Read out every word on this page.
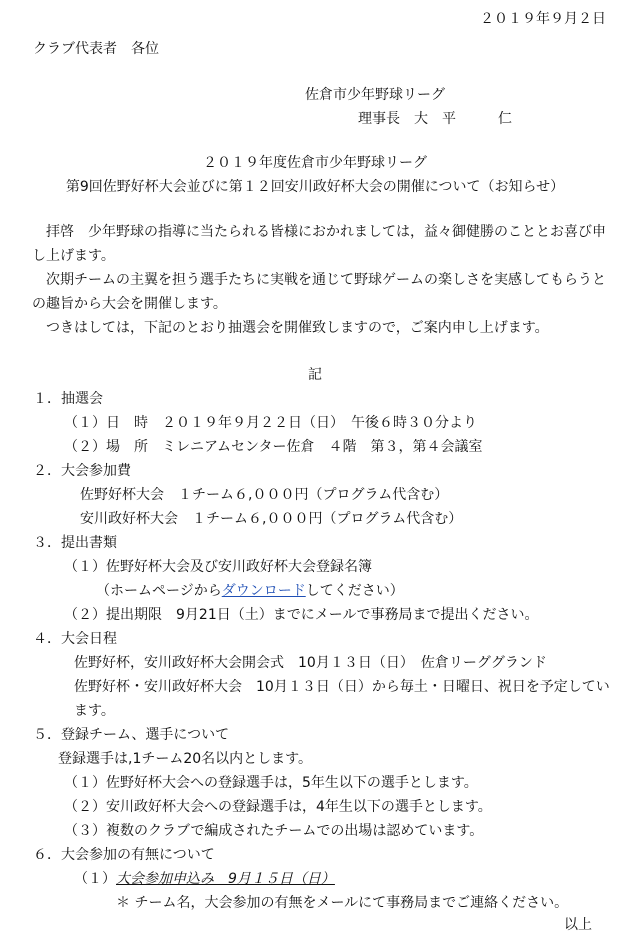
２０１９年９月２日
クラブ代表者　各位
佐倉市少年野球リーグ
理事長　大　平　　　仁
２０１９年度佐倉市少年野球リーグ
第9回佐野好杯大会並びに第１２回安川政好杯大会の開催について（お知らせ）
拝啓　少年野球の指導に当たられる皆様におかれましては，益々御健勝のこととお喜び申し上げます。
次期チームの主翼を担う選手たちに実戦を通じて野球ゲームの楽しさを実感してもらうとの趣旨から大会を開催します。
つきはしては，下記のとおり抽選会を開催致しますので，ご案内申し上げます。
記
１．抽選会
（１）日　時　２０１９年９月２２日（日）　午後６時３０分より
（２）場　所　ミレニアムセンター佐倉　４階　第３，第４会議室
２．大会参加費
佐野好杯大会　１チーム６,０００円（プログラム代含む）
安川政好杯大会　１チーム６,０００円（プログラム代含む）
３．提出書類
（１）佐野好杯大会及び安川政好杯大会登録名簿
（ホームページからダウンロードしてください）
（２）提出期限　9月21日（土）までにメールで事務局まで提出ください。
４．大会日程
佐野好杯，安川政好杯大会開会式　10月１３日（日）　佐倉リーググランド
佐野好杯・安川政好杯大会　10月１３日（日）から毎土・日曜日、祝日を予定してい
ます。
５．登録チーム、選手について
登録選手は,1チーム20名以内とします。
（１）佐野好杯大会への登録選手は，5年生以下の選手とします。
（２）安川政好杯大会への登録選手は，4年生以下の選手とします。
（３）複数のクラブで編成されたチームでの出場は認めています。
６．大会参加の有無について
（１）大会参加申込み　9月１５日（日）
＊ チーム名，大会参加の有無をメールにて事務局までご連絡ください。
以上
